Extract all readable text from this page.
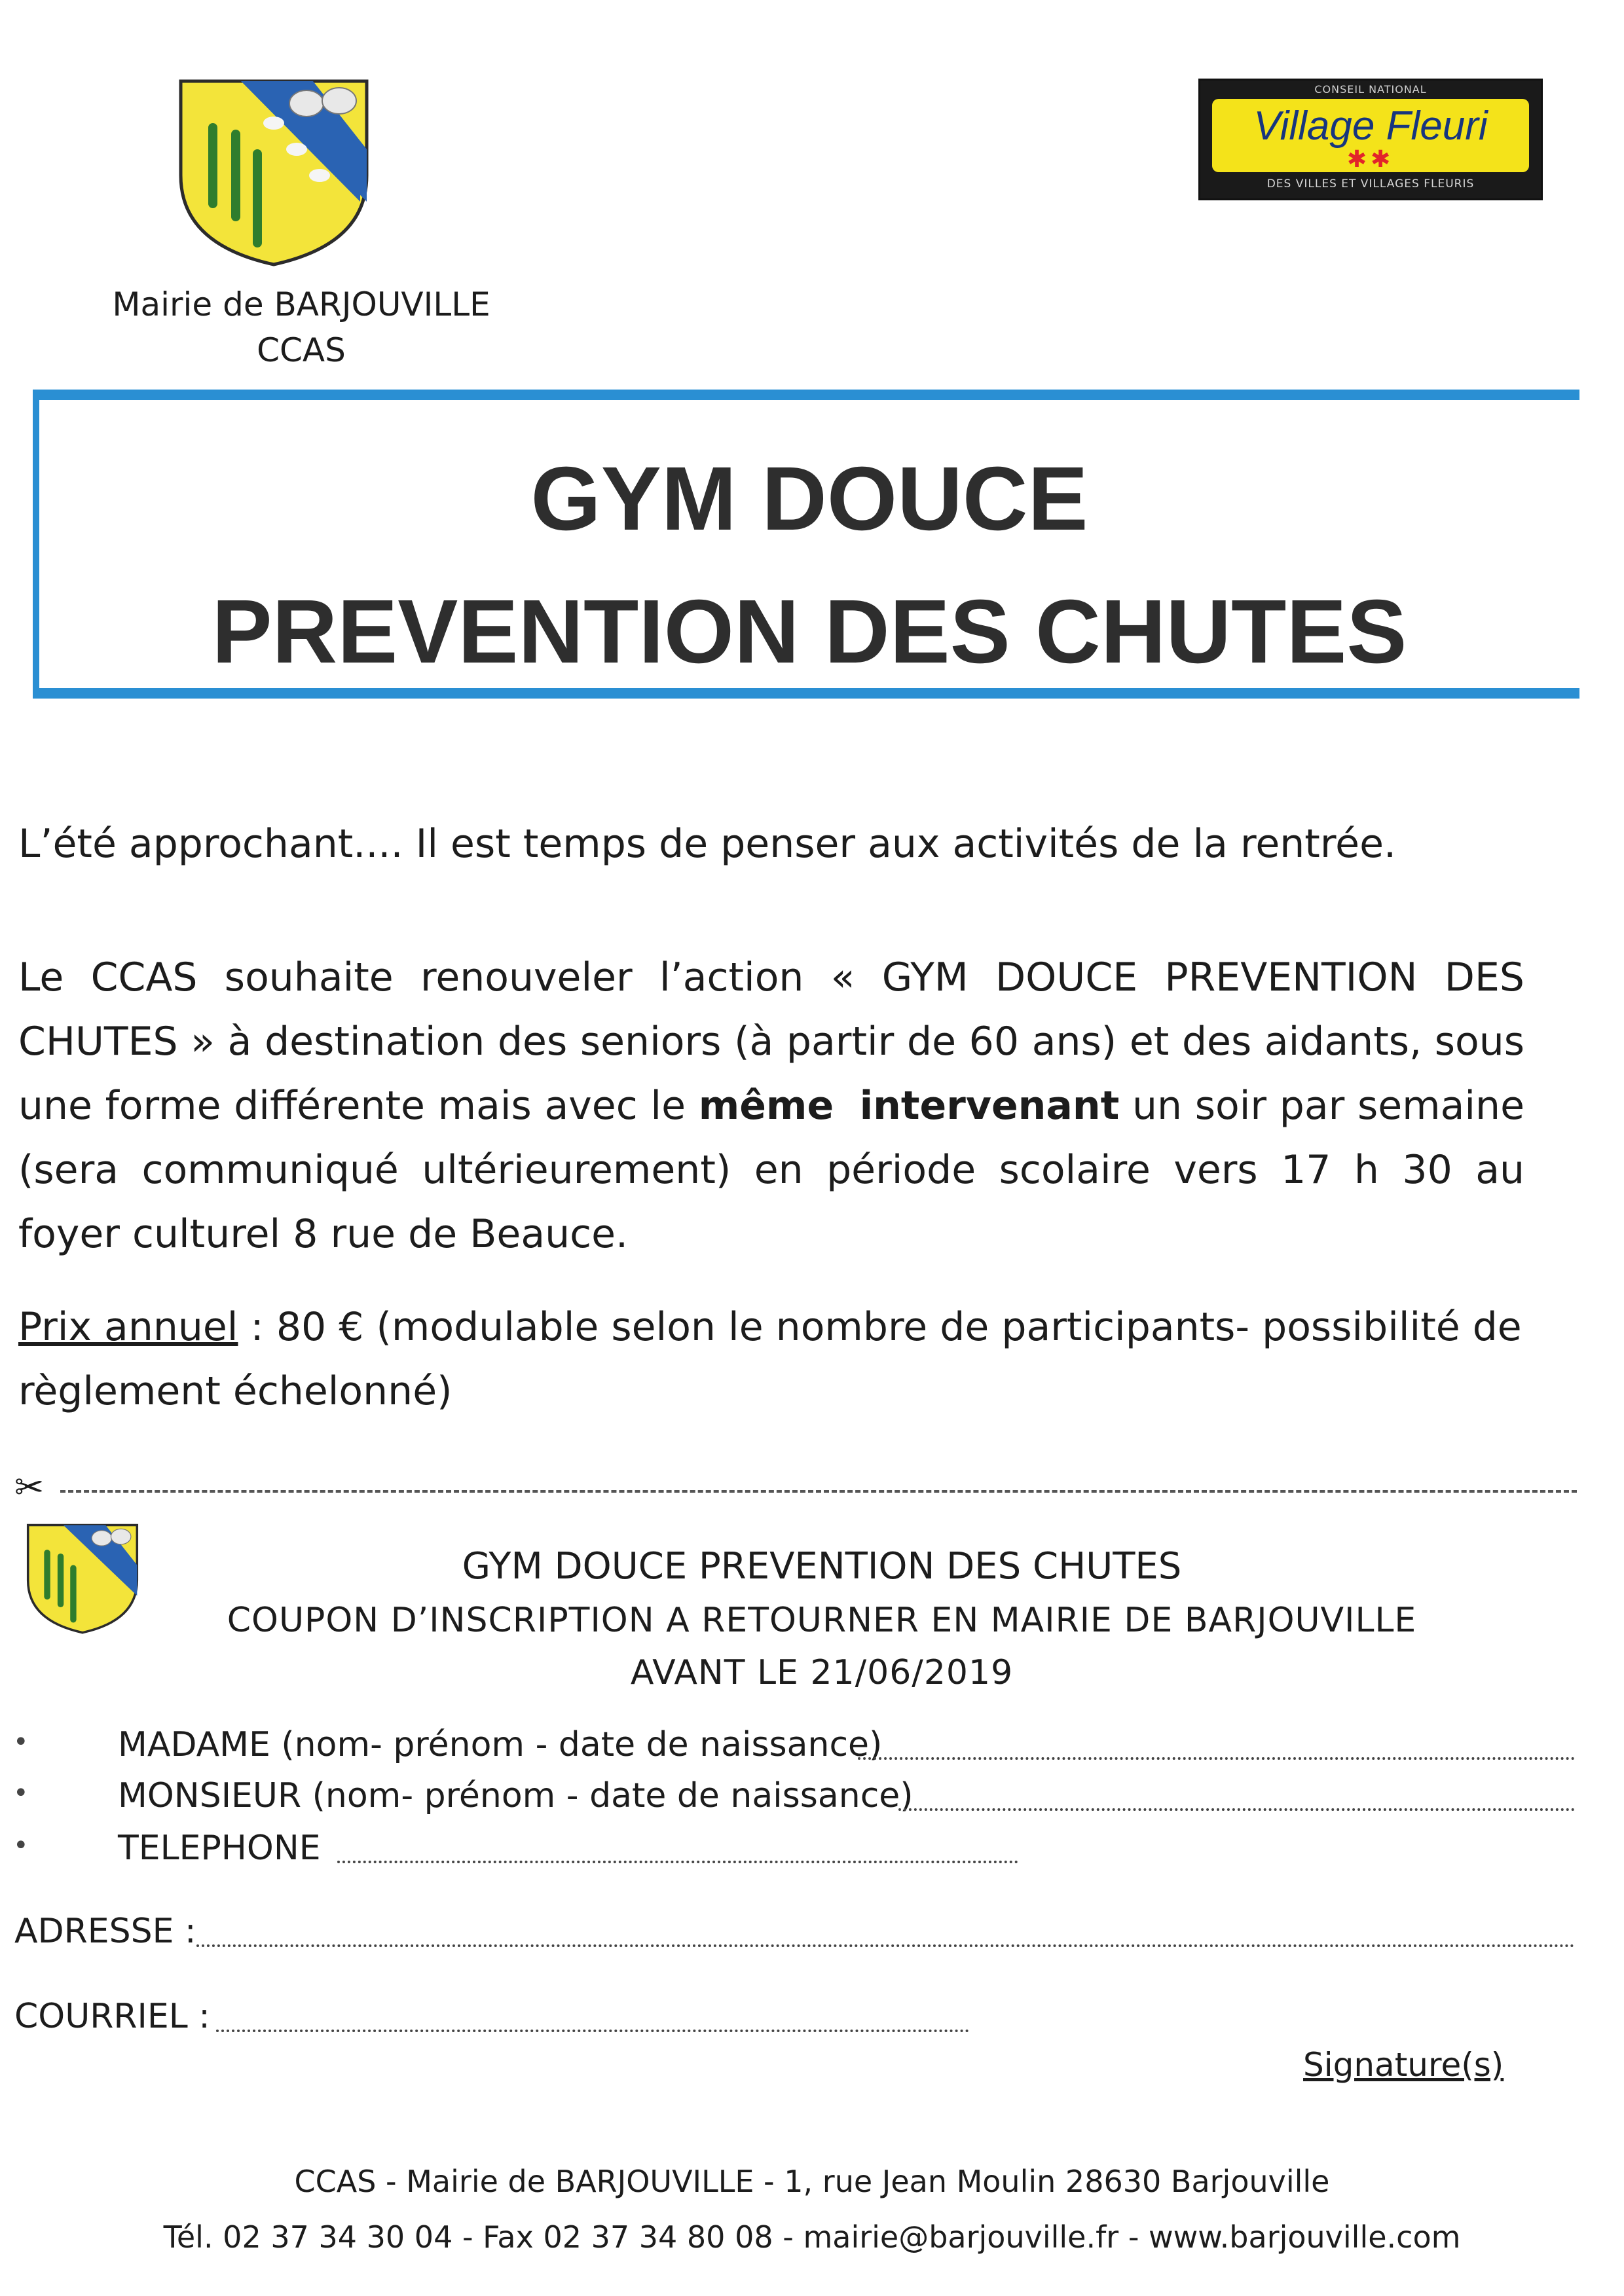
Mairie de BARJOUVILLE
CCAS
CONSEIL NATIONAL
Village Fleuri
✱✱
DES VILLES ET VILLAGES FLEURIS
GYM DOUCE
PREVENTION DES CHUTES
L’été approchant.... Il est temps de penser aux activités de la rentrée.
Le CCAS souhaite renouveler l’action « GYM DOUCE PREVENTION DES CHUTES » à destination des seniors (à partir de 60 ans) et des aidants, sous une forme différente mais avec le même intervenant un soir par semaine (sera communiqué ultérieurement) en période scolaire vers 17 h 30 au foyer culturel 8 rue de Beauce.
Prix annuel : 80 € (modulable selon le nombre de participants- possibilité de règlement échelonné)
✂
GYM DOUCE PREVENTION DES CHUTES
COUPON D’INSCRIPTION A RETOURNER EN MAIRIE DE BARJOUVILLE
AVANT LE 21/06/2019
•	MADAME (nom- prénom - date de naissance)
•	MONSIEUR (nom- prénom - date de naissance)
•	TELEPHONE
ADRESSE :
COURRIEL :
Signature(s)
CCAS - Mairie de BARJOUVILLE - 1, rue Jean Moulin 28630 Barjouville
Tél. 02 37 34 30 04 - Fax 02 37 34 80 08 - mairie@barjouville.fr - www.barjouville.com
